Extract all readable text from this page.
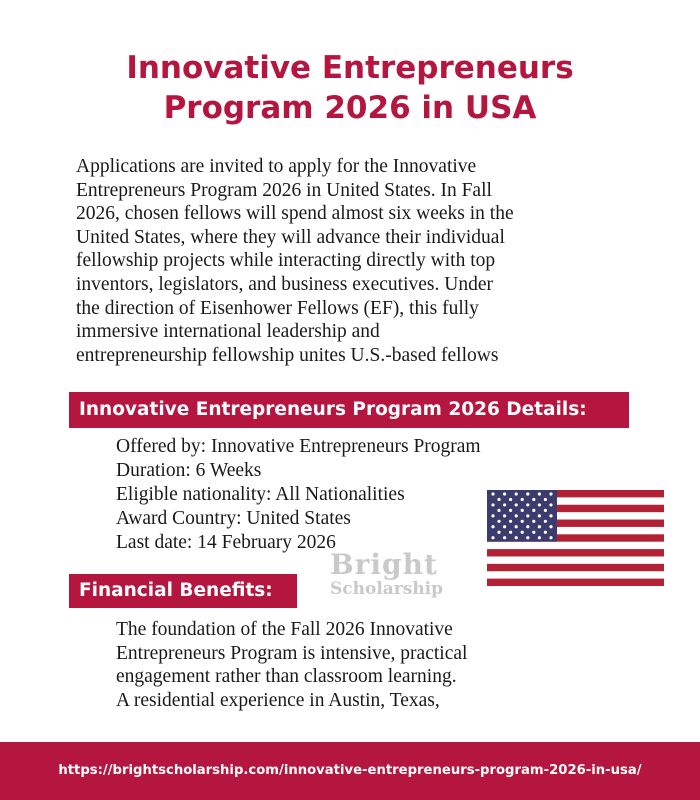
Innovative Entrepreneurs
Program 2026 in USA
Applications are invited to apply for the Innovative
Entrepreneurs Program 2026 in United States. In Fall
2026, chosen fellows will spend almost six weeks in the
United States, where they will advance their individual
fellowship projects while interacting directly with top
inventors, legislators, and business executives. Under
the direction of Eisenhower Fellows (EF), this fully
immersive international leadership and
entrepreneurship fellowship unites U.S.-based fellows
Innovative Entrepreneurs Program 2026 Details:
Offered by: Innovative Entrepreneurs Program
Duration: 6 Weeks
Eligible nationality: All Nationalities
Award Country: United States
Last date: 14 February 2026
Bright
Scholarship
Financial Benefits:
The foundation of the Fall 2026 Innovative
Entrepreneurs Program is intensive, practical
engagement rather than classroom learning.
A residential experience in Austin, Texas,
https://brightscholarship.com/innovative-entrepreneurs-program-2026-in-usa/
